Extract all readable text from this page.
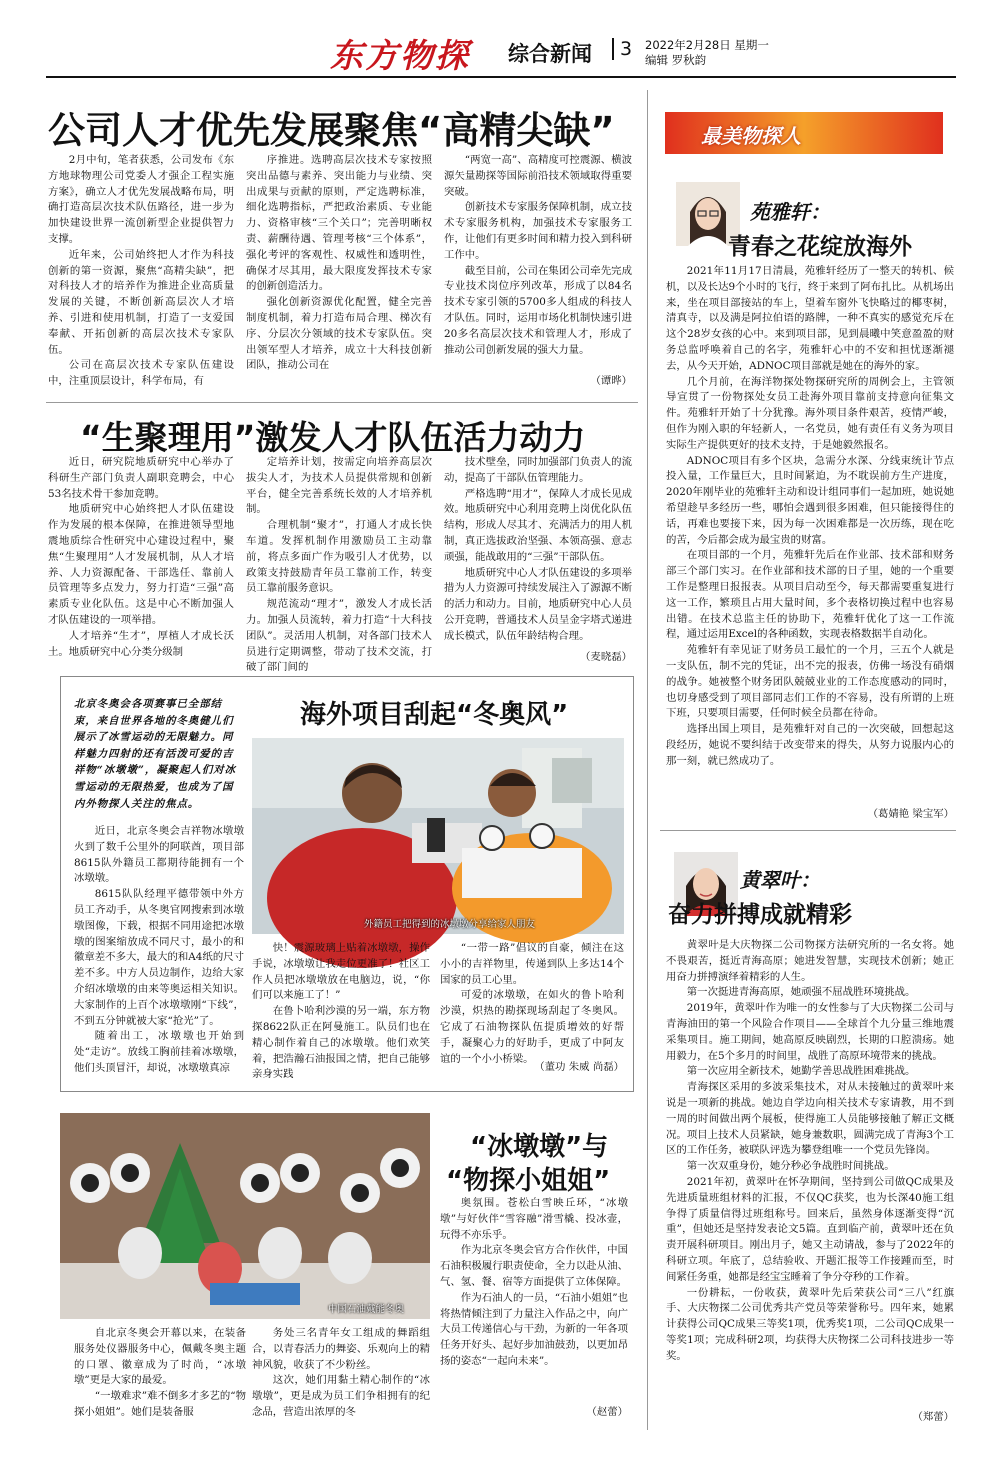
东方物探 综合新闻	3 2022年2月28日 星期一
编辑 罗秋韵
公司人才优先发展聚焦“高精尖缺”

2月中旬，笔者获悉，公司发布《东方地球物理公司党委人才强企工程实施方案》，确立人才优先发展战略布局，明确打造高层次技术队伍路径，进一步为加快建设世界一流创新型企业提供智力支撑。

近年来，公司始终把人才作为科技创新的第一资源，聚焦“高精尖缺”，把对科技人才的培养作为推进企业高质量发展的关键，不断创新高层次人才培养、引进和使用机制，打造了一支爱国奉献、开拓创新的高层次技术专家队伍。

公司在高层次技术专家队伍建设中，注重顶层设计，科学布局，有

序推进。选聘高层次技术专家按照突出品德与素养、突出能力与业绩、突出成果与贡献的原则，严定选聘标准，细化选聘指标，严把政治素质、专业能力、资格审核“三个关口”；完善明晰权责、薪酬待遇、管理考核“三个体系”，强化考评的客观性、权威性和透明性，确保才尽其用，最大限度发挥技术专家的创新创造活力。

强化创新资源优化配置，健全完善制度机制，着力打造布局合理、梯次有序、分层次分领域的技术专家队伍。突出领军型人才培养，成立十大科技创新团队，推动公司在

“两宽一高”、高精度可控震源、横波源矢量勘探等国际前沿技术领域取得重要突破。

创新技术专家服务保障机制，成立技术专家服务机构，加强技术专家服务工作，让他们有更多时间和精力投入到科研工作中。

截至目前，公司在集团公司牵先完成专业技术岗位序列改革，形成了以84名技术专家引领的5700多人组成的科技人才队伍。同时，运用市场化机制快速引进20多名高层次技术和管理人才，形成了推动公司创新发展的强大力量。

（谭晔）
“生聚理用”激发人才队伍活力动力

近日，研究院地质研究中心举办了科研生产部门负责人副职竞聘会，中心53名技术骨干参加竞聘。

地质研究中心始终把人才队伍建设作为发展的根本保障，在推进领导型地震地质综合性研究中心建设过程中，聚焦“生聚理用”人才发展机制，从人才培养、人力资源配备、干部选任、靠前人员管理等多点发力，努力打造“三强”高素质专业化队伍。这是中心不断加强人才队伍建设的一项举措。

人才培养“生才”，厚植人才成长沃土。地质研究中心分类分级制

定培养计划，按需定向培养高层次拔尖人才，为技术人员提供常规和创新平台，健全完善系统长效的人才培养机制。

合理机制“聚才”，打通人才成长快车道。发挥机制作用激励员工主动靠前，将点多面广作为吸引人才优势，以政策支持鼓励青年员工靠前工作，转变员工靠前服务意识。

规范流动“理才”，激发人才成长活力。加强人员流转，着力打造“十大科技团队”。灵活用人机制，对各部门技术人员进行定期调整，带动了技术交流，打破了部门间的

技术壁垒，同时加强部门负责人的流动，提高了干部队伍管理能力。

严格选聘“用才”，保障人才成长见成效。地质研究中心利用竞聘上岗优化队伍结构，形成人尽其才、充满活力的用人机制，真正选拔政治坚强、本领高强、意志顽强，能战敢用的“三强”干部队伍。

地质研究中心人才队伍建设的多项举措为人力资源可持续发展注入了源源不断的活力和动力。目前，地质研究中心人员公开竞聘，普通技术人员呈金字塔式递进成长模式，队伍年龄结构合理。

（麦晓磊）
北京冬奥会各项赛事已全部结束，来自世界各地的冬奥健儿们展示了冰雪运动的无限魅力。同样魅力四射的还有活泼可爱的吉祥物“冰墩墩”，凝聚起人们对冰雪运动的无限热爱，也成为了国内外物探人关注的焦点。
海外项目刮起“冬奥风”
外籍员工把得到的冰墩墩分享给家人朋友

近日，北京冬奥会吉祥物冰墩墩火到了数千公里外的阿联酋，项目部8615队外籍员工都期待能拥有一个冰墩墩。

8615队队经理平德带领中外方员工齐动手，从冬奥官网搜索到冰墩墩图像，下载，根据不同用途把冰墩墩的图案缩放成不同尺寸，最小的和徽章差不多大，最大的和A4纸的尺寸差不多。中方人员边制作，边给大家介绍冰墩墩的由来等奥运相关知识。大家制作的上百个冰墩墩刚“下线”，不到五分钟就被大家“抢光”了。

随着出工，冰墩墩也开始到处“走访”。放线工胸前挂着冰墩墩，他们头顶冒汗，却说，冰墩墩真凉

快！震源玻璃上贴着冰墩墩，操作手说，冰墩墩让我走位更准了！社区工作人员把冰墩墩放在电脑边，说，“你们可以来施工了！”

在鲁卜哈利沙漠的另一端，东方物探8622队正在阿曼施工。队员们也在精心制作着自己的冰墩墩。他们欢笑着，把浩瀚石油报国之情，把自己能够亲身实践

“一带一路”倡议的自豪，倾注在这小小的吉祥物里，传递到队上多达14个国家的员工心里。

可爱的冰墩墩，在如火的鲁卜哈利沙漠，炽热的勘探现场刮起了冬奥风。它成了石油物探队伍提质增效的好帮手，凝聚心力的好助手，更成了中阿友谊的一个小小桥梁。

（董功 朱威 尚磊）
中国石油戴能冬奥
“冰墩墩”与
“物探小姐姐”

奥氛围。苍松白雪映丘环，“冰墩墩”与好伙伴“雪容融”滑雪橇、投冰壶，玩得不亦乐乎。

作为北京冬奥会官方合作伙伴，中国石油积极履行职责使命，全力以赴从油、气、氢、餐、宿等方面提供了立体保障。

作为石油人的一员，“石油小姐姐”也将热情倾注到了力量注入作品之中，向广大员工传递信心与干劲，为新的一年各项任务开好头、起好步加油鼓劲，以更加昂扬的姿态“一起向未来”。

（赵蕾）

自北京冬奥会开幕以来，在装备服务处仪器服务中心，佩戴冬奥主题的口罩、徽章成为了时尚，“冰墩墩”更是大家的最爱。

“一墩难求”难不倒多才多艺的“物探小姐姐”。她们是装备服

务处三名青年女工组成的舞蹈组合，以青春活力的舞姿、乐观向上的精神风貌，收获了不少粉丝。

这次，她们用黏土精心制作的“冰墩墩”，更是成为员工们争相拥有的纪念品，营造出浓厚的冬

最美物探人
苑雅轩：
青春之花绽放海外

2021年11月17日清晨，苑雅轩经历了一整天的转机、候机，以及长达9个小时的飞行，终于来到了阿布扎比。从机场出来，坐在项目部接站的车上，望着车窗外飞快略过的椰枣树，清真寺，以及满是阿拉伯语的路牌，一种不真实的感觉充斥在这个28岁女孩的心中。来到项目部，见到晨曦中笑意盈盈的财务总监呼唤着自己的名字，苑雅轩心中的不安和担忧逐渐褪去，从今天开始，ADNOC项目部就是她在的海外的家。

几个月前，在海洋物探处物探研究所的周例会上，主管领导宣贯了一份物探处女员工赴海外项目靠前支持意向征集文件。苑雅轩开始了十分犹豫。海外项目条件艰苦，疫情严峻，但作为刚入职的年轻新人，一名党员，她有责任有义务为项目实际生产提供更好的技术支持，于是她毅然报名。

ADNOC项目有多个区块，急需分水深、分线束统计节点投入量，工作量巨大，且时间紧迫，为不耽误前方生产进度，2020年刚毕业的苑雅轩主动和设计组同事们一起加班，她说她希望趁早多经历一些，哪怕会遇到很多困难，但只能接得住的话，再难也要接下来，因为每一次困难都是一次历练，现在吃的苦，今后都会成为最宝贵的财富。

在项目部的一个月，苑雅轩先后在作业部、技术部和财务部三个部门实习。在作业部和技术部的日子里，她的一个重要工作是整理日报报表。从项目启动至今，每天都需要重复进行这一工作，繁琐且占用大量时间，多个表格切换过程中也容易出错。在技术总监主任的协助下，苑雅轩优化了这一工作流程，通过运用Excel的各种函数，实现表格数据半自动化。

苑雅轩有幸见证了财务员工最忙的一个月，三五个人就是一支队伍，制不完的凭证，出不完的报表，仿佛一场没有硝烟的战争。她被整个财务团队兢兢业业的工作态度感动的同时，也切身感受到了项目部同志们工作的不容易，没有所谓的上班下班，只要项目需要，任何时候全员都在待命。

选择出国上项目，是苑雅轩对自己的一次突破，回想起这段经历，她说不要纠结于改变带来的得失，从努力说服内心的那一刻，就已然成功了。

（葛婧艳 梁宝军）
黄翠叶：
奋力拼搏成就精彩

黄翠叶是大庆物探二公司物探方法研究所的一名女将。她不畏艰苦，挺近青海高原；她进发智慧，实现技术创新；她正用奋力拼搏演绎着精彩的人生。

第一次挺进青海高原，她顽强不屈战胜环境挑战。

2019年，黄翠叶作为唯一的女性参与了大庆物探二公司与青海油田的第一个风险合作项目——全球首个九分量三维地震采集项目。施工期间，她高原反映剧烈，长期的口腔溃疡。她用毅力，在5个多月的时间里，战胜了高原环境带来的挑战。

第一次应用全新技术，她勤学善思战胜困难挑战。

青海探区采用的多波采集技术，对从未接触过的黄翠叶来说是一项新的挑战。她边自学边向相关技术专家请教，用不到一周的时间做出两个展板，使得施工人员能够接触了解正文概况。项目上技术人员紧缺，她身兼数职，圆满完成了青海3个工区的工作任务，被联队评选为攀登组唯一一个党员先锋岗。

第一次双重身份，她分秒必争战胜时间挑战。

2021年初，黄翠叶在怀孕期间，坚持到公司做QC成果及先进质量班组材料的汇报，不仅QC获奖，也为长深40施工组争得了质量信得过班组称号。回来后，虽然身体逐渐变得“沉重”，但她还是坚持发表论文5篇。直到临产前，黄翠叶还在负责开展科研项目。刚出月子，她又主动请战，参与了2022年的科研立项。年底了，总结验收、开题汇报等工作接踵而至，时间紧任务重，她都是经宝宝睡着了争分夺秒的工作着。

一份耕耘，一份收获，黄翠叶先后荣获公司“三八”红旗手、大庆物探二公司优秀共产党员等荣誉称号。四年来，她累计获得公司QC成果三等奖1项，优秀奖1项，二公司QC成果一等奖1项；完成科研2项，均获得大庆物探二公司科技进步一等奖。

（郑蕾）
